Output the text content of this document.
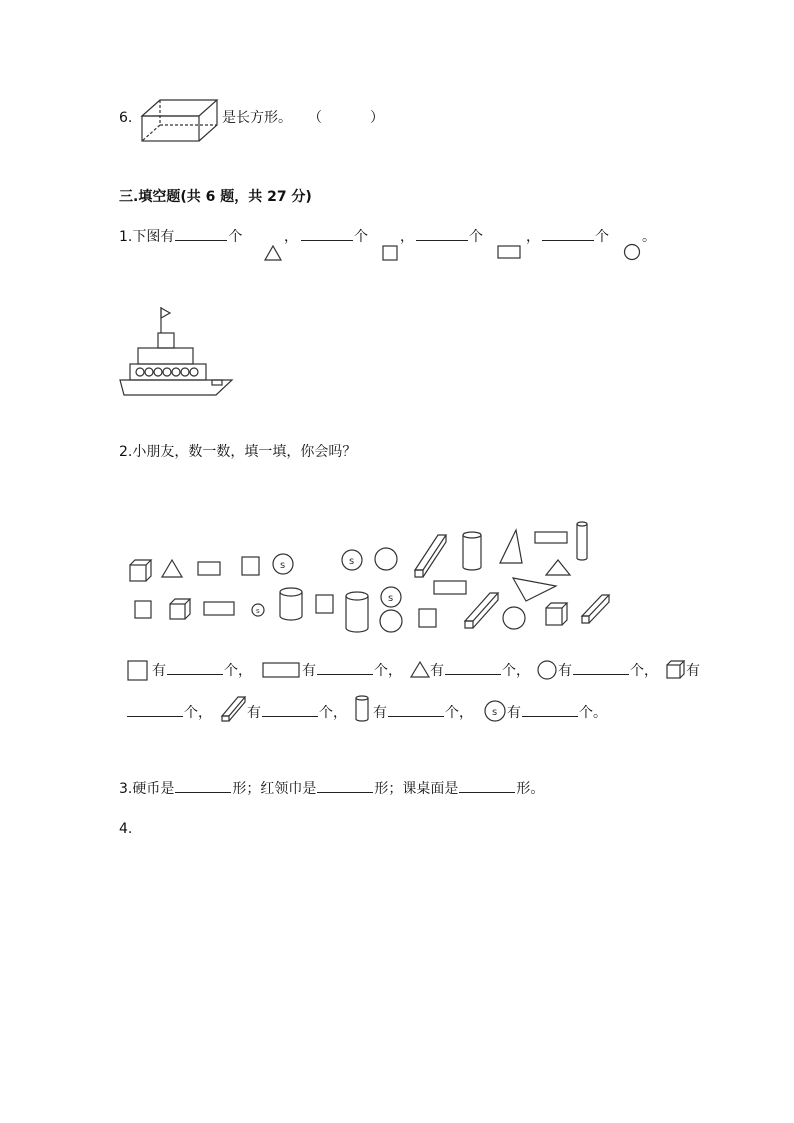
6.	是长方形。 （	）
三.填空题(共 6 题，共 27 分)
1.下图有	个	，	个 ，	个	，	个 。
2.小朋友，数一数，填一填，你会吗？
s	s
s
s
有	个，	有	个， 有	个， 有	个， 有
个，	有	个， 有	个， s 有	个。
3.硬币是	形；红领巾是	形；课桌面是	形。
4.
